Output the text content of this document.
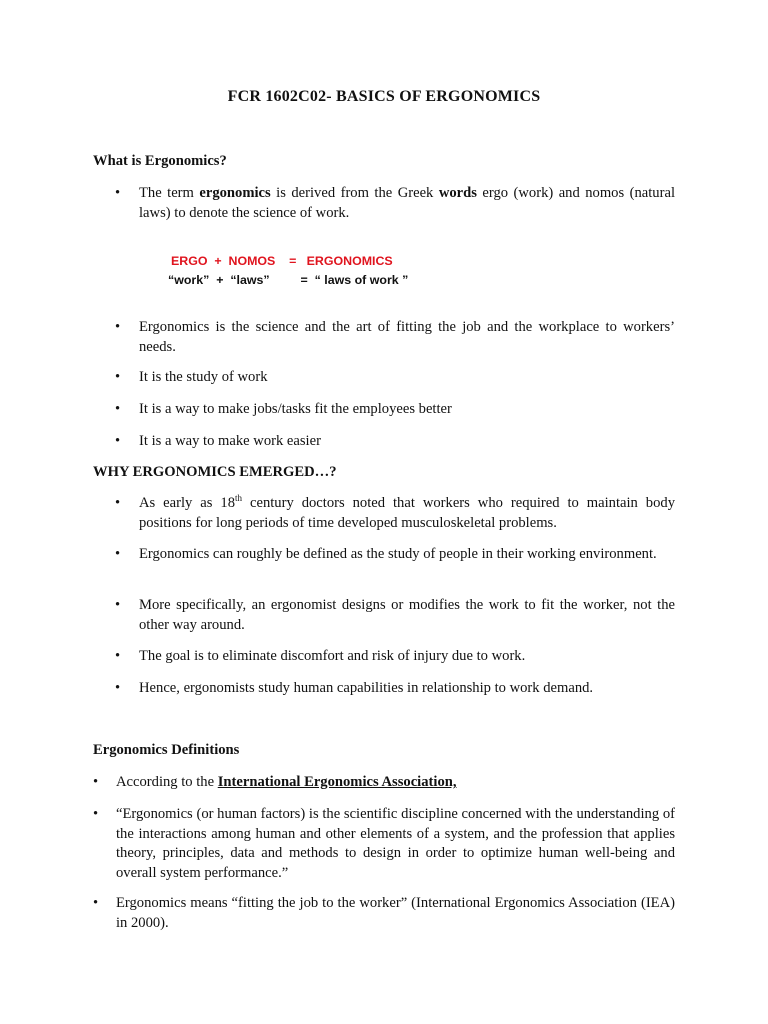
FCR 1602C02- BASICS OF ERGONOMICS
What is Ergonomics?
• The term ergonomics is derived from the Greek words ergo (work) and nomos (natural laws) to denote the science of work.
ERGO  +  NOMOS    =   ERGONOMICS
“work”  +  “laws”         =  “ laws of work ”
• Ergonomics is the science and the art of fitting the job and the workplace to workers’ needs.
• It is the study of work
• It is a way to make jobs/tasks fit the employees better
• It is a way to make work easier
WHY ERGONOMICS EMERGED…?
• As early as 18th century doctors noted that workers who required to maintain body positions for long periods of time developed musculoskeletal problems.
• Ergonomics can roughly be defined as the study of people in their working environment.
• More specifically, an ergonomist designs or modifies the work to fit the worker, not the other way around.
• The goal is to eliminate discomfort and risk of injury due to work.
• Hence, ergonomists study human capabilities in relationship to work demand.
Ergonomics Definitions
• According to the International Ergonomics Association,
• “Ergonomics (or human factors) is the scientific discipline concerned with the understanding of the interactions among human and other elements of a system, and the profession that applies theory, principles, data and methods to design in order to optimize human well-being and overall system performance.”
• Ergonomics means “fitting the job to the worker” (International Ergonomics Association (IEA) in 2000).
